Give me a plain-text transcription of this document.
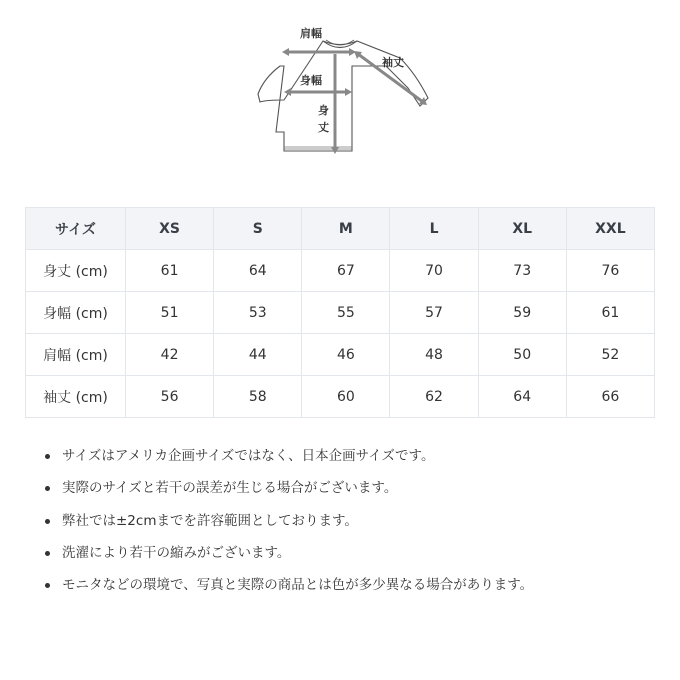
肩幅
袖丈
身幅
身
丈
サイズ	XS	S	M	L	XL	XXL
身丈 (cm)	61	64	67	70	73	76
身幅 (cm)	51	53	55	57	59	61
肩幅 (cm)	42	44	46	48	50	52
袖丈 (cm)	56	58	60	62	64	66
サイズはアメリカ企画サイズではなく、日本企画サイズです。
実際のサイズと若干の誤差が生じる場合がございます。
弊社では±2cmまでを許容範囲としております。
洗濯により若干の縮みがございます。
モニタなどの環境で、写真と実際の商品とは色が多少異なる場合があります。
